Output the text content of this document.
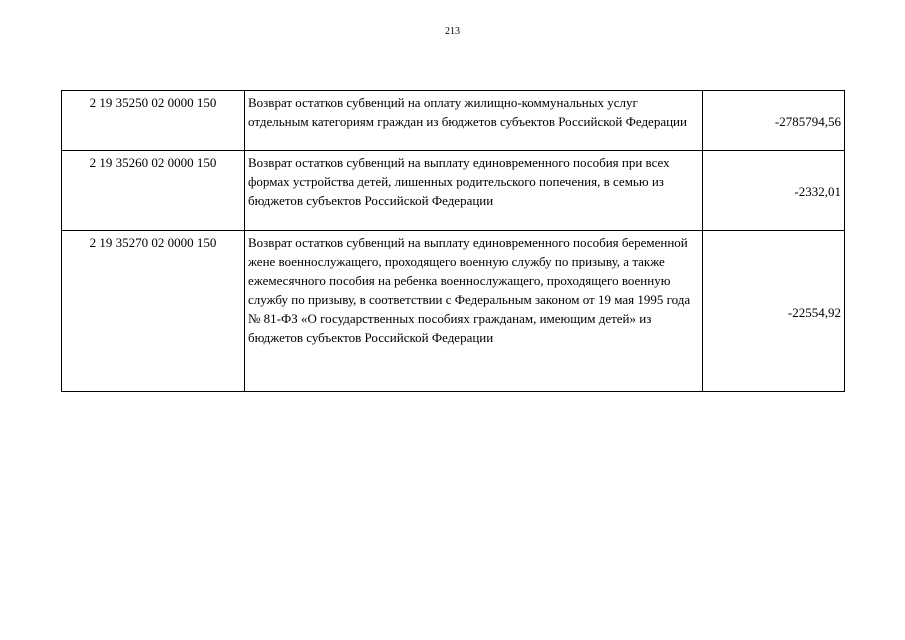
213
2 19 35250 02 0000 150	Возврат остатков субвенций на оплату жилищно-коммунальных услуг отдельным категориям граждан из бюджетов субъектов Российской Федерации	-2785794,56
2 19 35260 02 0000 150	Возврат остатков субвенций на выплату единовременного пособия при всех формах устройства детей, лишенных родительского попечения, в семью из бюджетов субъектов Российской Федерации	-2332,01
2 19 35270 02 0000 150	Возврат остатков субвенций на выплату единовременного пособия беременной жене военнослужащего, проходящего военную службу по призыву, а также ежемесячного пособия на ребенка военнослужащего, проходящего военную службу по призыву, в соответствии с Федеральным законом от 19 мая 1995 года № 81-ФЗ «О государственных пособиях гражданам, имеющим детей» из бюджетов субъектов Российской Федерации	-22554,92
